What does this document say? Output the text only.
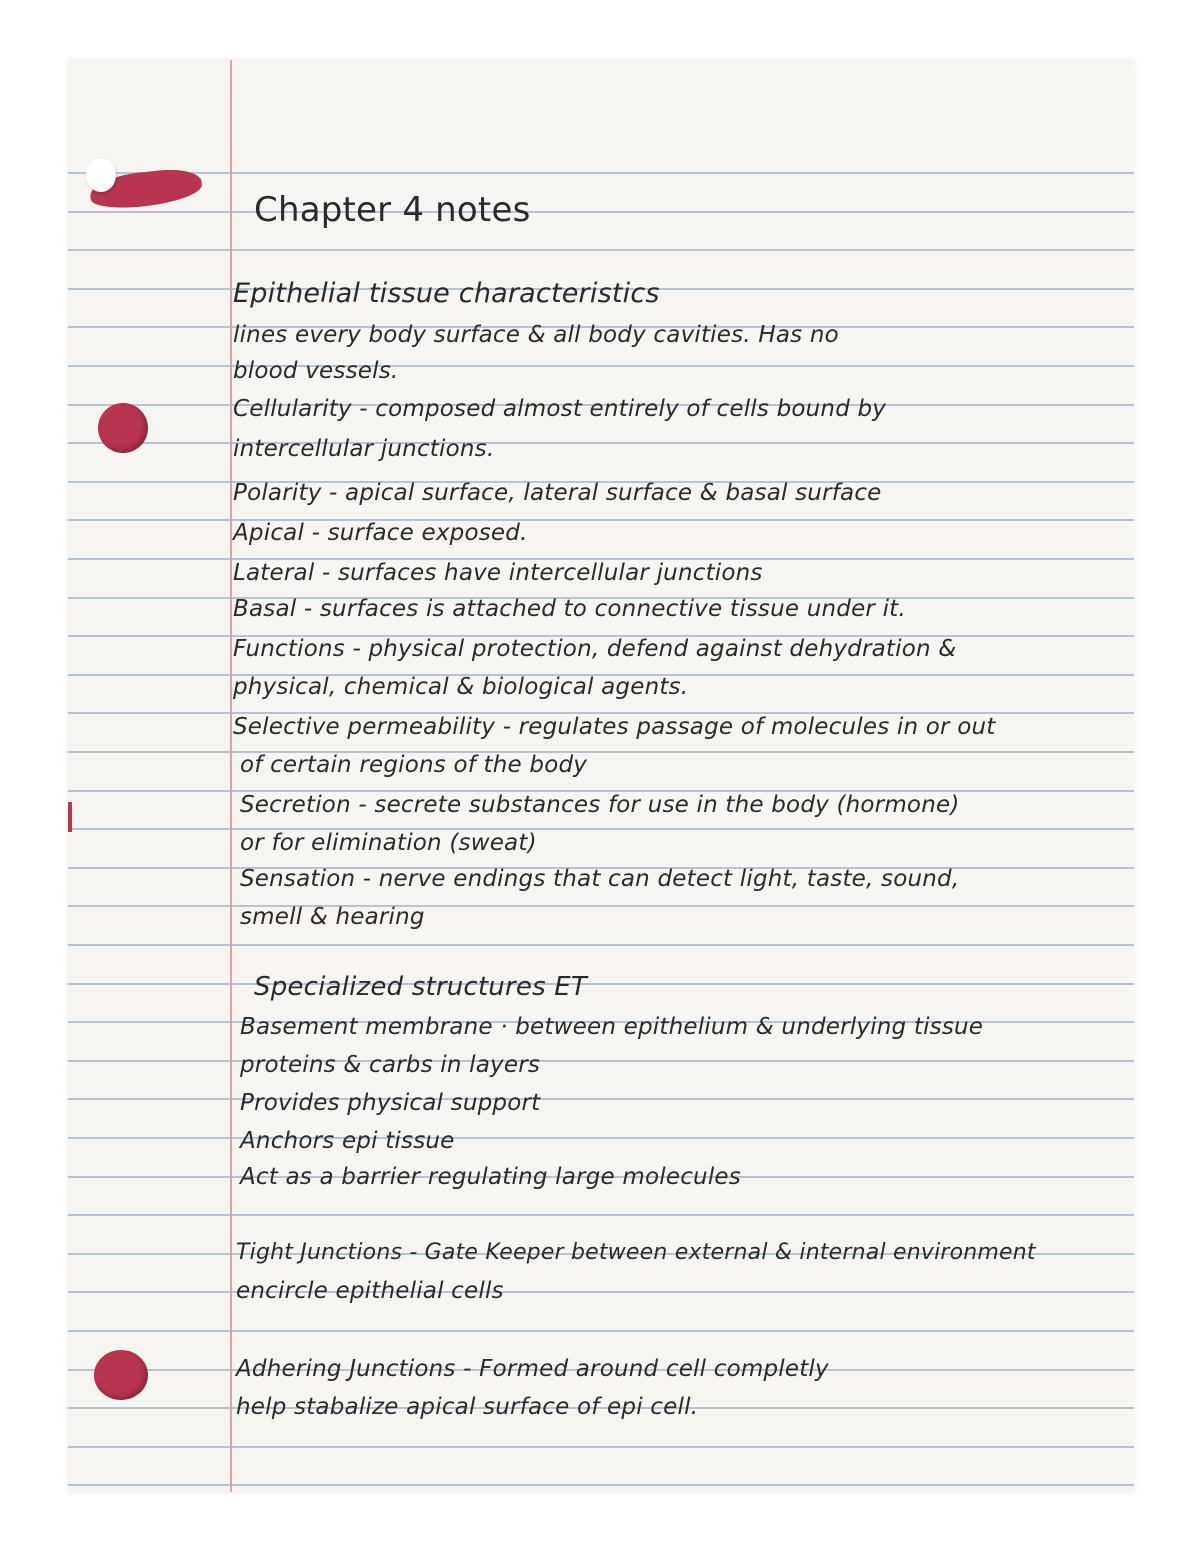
Chapter 4 notes
Epithelial tissue characteristics
lines every body surface & all body cavities. Has no
blood vessels.
Cellularity - composed almost entirely of cells bound by
intercellular junctions.
Polarity - apical surface, lateral surface & basal surface
Apical - surface exposed.
Lateral - surfaces have intercellular junctions
Basal - surfaces is attached to connective tissue under it.
Functions - physical protection, defend against dehydration &
physical, chemical & biological agents.
Selective permeability - regulates passage of molecules in or out
of certain regions of the body
Secretion - secrete substances for use in the body (hormone)
or for elimination (sweat)
Sensation - nerve endings that can detect light, taste, sound,
smell & hearing
Specialized structures ET
Basement membrane · between epithelium & underlying tissue
proteins & carbs in layers
Provides physical support
Anchors epi tissue
Act as a barrier regulating large molecules
Tight Junctions - Gate Keeper between external & internal environment
encircle epithelial cells
Adhering Junctions - Formed around cell completly
help stabalize apical surface of epi cell.
